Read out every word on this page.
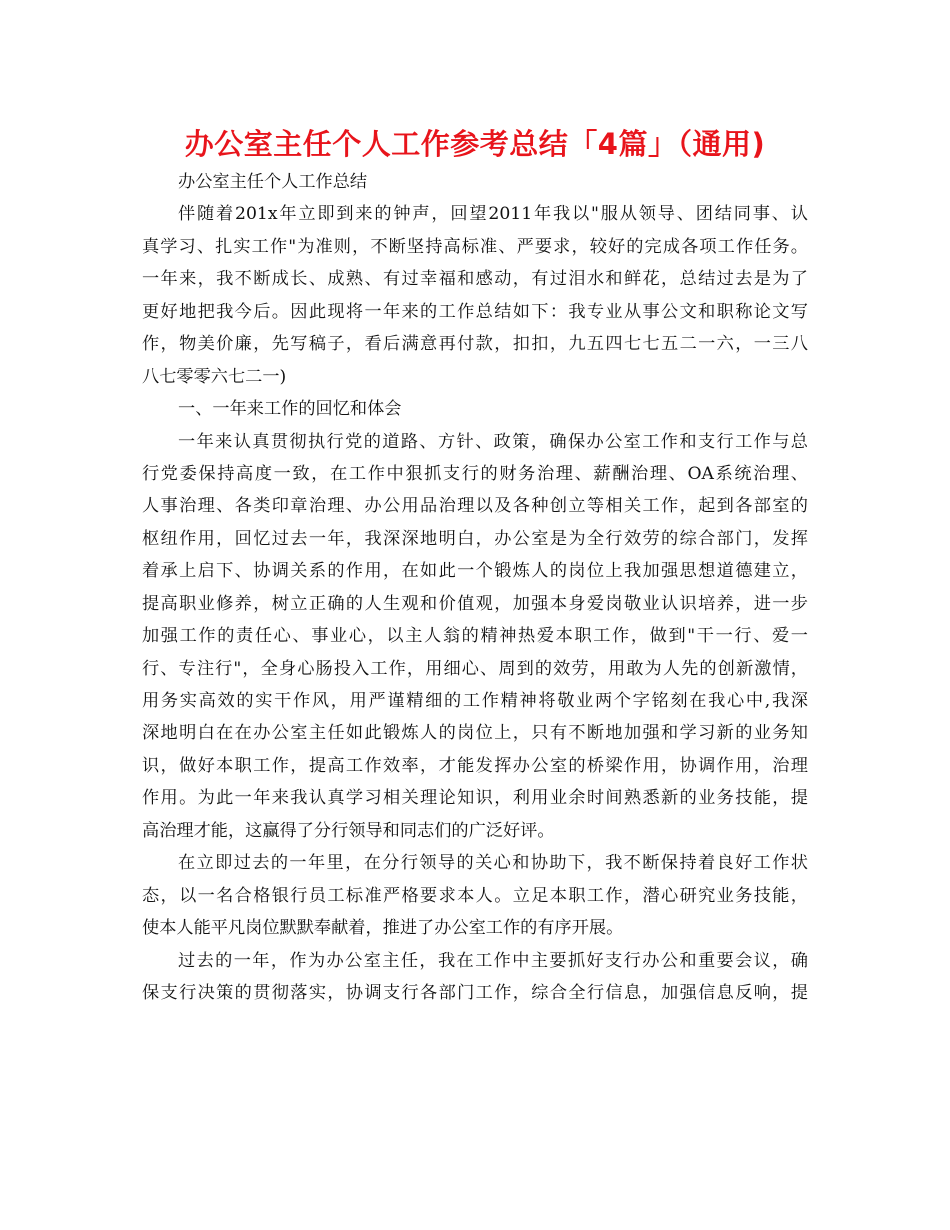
办公室主任个人工作参考总结「4篇」（通用)
办公室主任个人工作总结
伴随着201x年立即到来的钟声，回望2011年我以"服从领导、团结同事、认
真学习、扎实工作"为准则，不断坚持高标准、严要求，较好的完成各项工作任务。
一年来，我不断成长、成熟、有过幸福和感动，有过泪水和鲜花，总结过去是为了
更好地把我今后。因此现将一年来的工作总结如下：我专业从事公文和职称论文写
作，物美价廉，先写稿子，看后满意再付款，扣扣，九五四七七五二一六，一三八
八七零零六七二一)
一、一年来工作的回忆和体会
一年来认真贯彻执行党的道路、方针、政策，确保办公室工作和支行工作与总
行党委保持高度一致，在工作中狠抓支行的财务治理、薪酬治理、OA系统治理、
人事治理、各类印章治理、办公用品治理以及各种创立等相关工作，起到各部室的
枢纽作用，回忆过去一年，我深深地明白，办公室是为全行效劳的综合部门，发挥
着承上启下、协调关系的作用，在如此一个锻炼人的岗位上我加强思想道德建立，
提高职业修养，树立正确的人生观和价值观，加强本身爱岗敬业认识培养，进一步
加强工作的责任心、事业心，以主人翁的精神热爱本职工作，做到"干一行、爱一
行、专注行"，全身心肠投入工作，用细心、周到的效劳，用敢为人先的创新激情，
用务实高效的实干作风，用严谨精细的工作精神将敬业两个字铭刻在我心中,我深
深地明白在在办公室主任如此锻炼人的岗位上，只有不断地加强和学习新的业务知
识，做好本职工作，提高工作效率，才能发挥办公室的桥梁作用，协调作用，治理
作用。为此一年来我认真学习相关理论知识，利用业余时间熟悉新的业务技能，提
高治理才能，这赢得了分行领导和同志们的广泛好评。
在立即过去的一年里，在分行领导的关心和协助下，我不断保持着良好工作状
态，以一名合格银行员工标准严格要求本人。立足本职工作，潜心研究业务技能，
使本人能平凡岗位默默奉献着，推进了办公室工作的有序开展。
过去的一年，作为办公室主任，我在工作中主要抓好支行办公和重要会议，确
保支行决策的贯彻落实，协调支行各部门工作，综合全行信息，加强信息反响，提
